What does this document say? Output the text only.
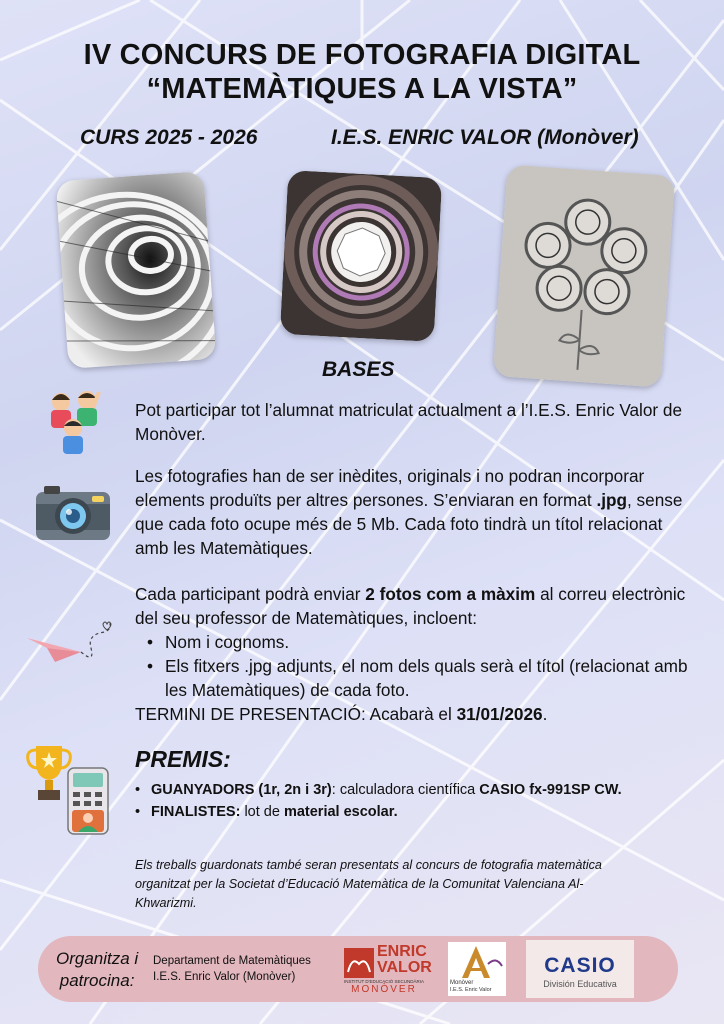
IV CONCURS DE FOTOGRAFIA DIGITAL
“MATEMÀTIQUES A LA VISTA”
CURS 2025 - 2026	I.E.S. ENRIC VALOR (Monòver)
BASES
Pot participar tot l’alumnat matriculat actualment a l’I.E.S. Enric Valor de Monòver.
Les fotografies han de ser inèdites, originals i no podran incorporar elements produïts per altres persones. S’enviaran en format .jpg, sense que cada foto ocupe més de 5 Mb. Cada foto tindrà un títol relacionat amb les Matemàtiques.
Cada participant podrà enviar 2 fotos com a màxim al correu electrònic del seu professor de Matemàtiques, incloent:
• Nom i cognoms.
• Els fitxers .jpg adjunts, el nom dels quals serà el títol (relacionat amb les Matemàtiques) de cada foto.
TERMINI DE PRESENTACIÓ: Acabarà el 31/01/2026.
PREMIS:
• GUANYADORS (1r, 2n i 3r): calculadora científica CASIO fx-991SP CW.
• FINALISTES: lot de material escolar.
Els treballs guardonats també seran presentats al concurs de fotografia matemàtica organitzat per la Societat d’Educació Matemàtica de la Comunitat Valenciana Al-Khwarizmi.
Organitza i
patrocina:
Departament de Matemàtiques
I.E.S. Enric Valor (Monòver)
ENRIC
VALOR
INSTITUT D'EDUCACIÓ SECUNDÀRIA
MONÒVER
Monòver
I.E.S. Enric Valor
CASIO
División Educativa
